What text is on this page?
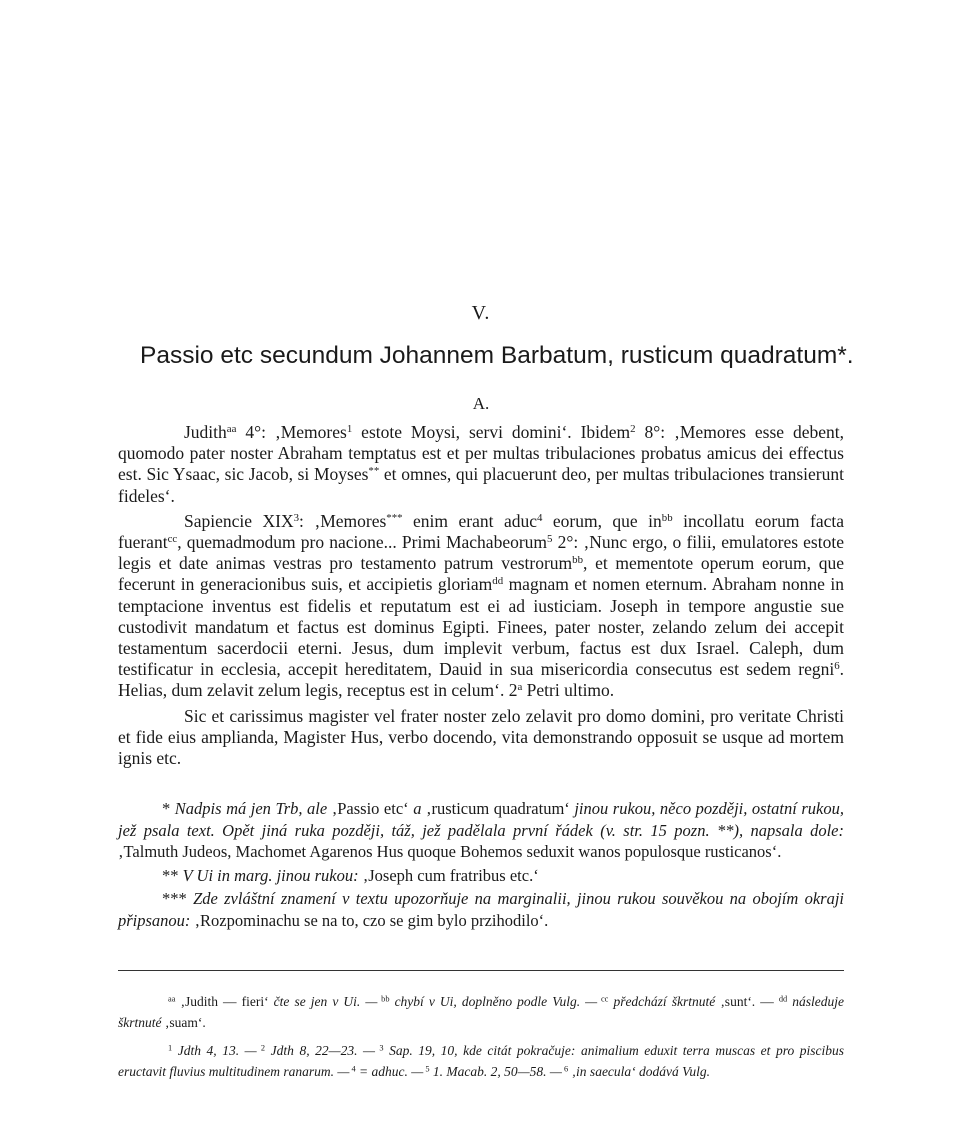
V.
Passio etc secundum Johannem Barbatum, rusticum quadratum*.
A.

Judith$^{aa}$ 4°: ‚Memores$^1$ estote Moysi, servi domini‘. Ibidem$^2$ 8°: ‚Memores esse debent, quomodo pater noster Abraham temptatus est et per multas tribulaciones probatus amicus dei effectus est. Sic Ysaac, sic Jacob, si Moyses** et omnes, qui placuerunt deo, per multas tribulaciones transierunt fideles‘.

Sapiencie XIX$^3$: ‚Memores*** enim erant aduc$^4$ eorum, que $in^{bb}$ incollatu eorum facta fuerant$^{cc}$, quemadmodum pro nacione... Primi Machabeorum$^5$ 2°: ‚Nunc ergo, o filii, emulatores estote legis et date animas vestras pro testamento patrum vestrorum$^{bb}$, et mementote operum eorum, que fecerunt in generacionibus suis, et accipietis gloriam$^{dd}$ magnam et nomen eternum. Abraham nonne in temptacione inventus est fidelis et reputatum est ei ad iusticiam. Joseph in tempore angustie sue custodivit mandatum et factus est dominus Egipti. Finees, pater noster, zelando zelum dei accepit testamentum sacerdocii eterni. Jesus, dum implevit verbum, factus est dux Israel. Caleph, dum testificatur in ecclesia, accepit hereditatem, Dauid in sua misericordia consecutus est sedem regni$^6$. Helias, dum zelavit zelum legis, receptus est in celum‘. 2$^a$ Petri ultimo.

Sic et carissimus magister vel frater noster zelo zelavit pro domo domini, pro veritate Christi et fide eius amplianda, Magister Hus, verbo docendo, vita demonstrando opposuit se usque ad mortem ignis etc.

* Nadpis má jen Trb, ale ‚Passio etc‘ a ‚rusticum quadratum‘ jinou rukou, něco později, ostatní rukou, jež psala text. Opět jiná ruka později, táž, jež padělala první řádek (v. str. 15 pozn. **), napsala dole: ‚Talmuth Judeos, Machomet Agarenos Hus quoque Bohemos seduxit wanos populosque rusticanos‘.

** V Ui in marg. jinou rukou: ‚Joseph cum fratribus etc.‘

*** Zde zvláštní znamení v textu upozorňuje na marginalii, jinou rukou souvěkou na obojím okraji připsanou: ‚Rozpominachu se na to, czo se gim bylo przihodilo‘.

$^{aa}$ ‚Judith — fieri‘ čte se jen v Ui. — $^{bb}$ chybí v Ui, doplněno podle Vulg. — $^{cc}$ předchází škrtnuté ‚sunt‘. — $^{dd}$ následuje škrtnuté ‚suam‘.

$^1$ Jdth 4, 13. — $^2$ Jdth 8, 22—23. — $^3$ Sap. 19, 10, kde citát pokračuje: animalium eduxit terra muscas et pro piscibus eructavit fluvius multitudinem ranarum. — $^4$ = adhuc. — $^5$ 1. Macab. 2, 50—58. — $^6$ ‚in saecula‘ dodává Vulg.
